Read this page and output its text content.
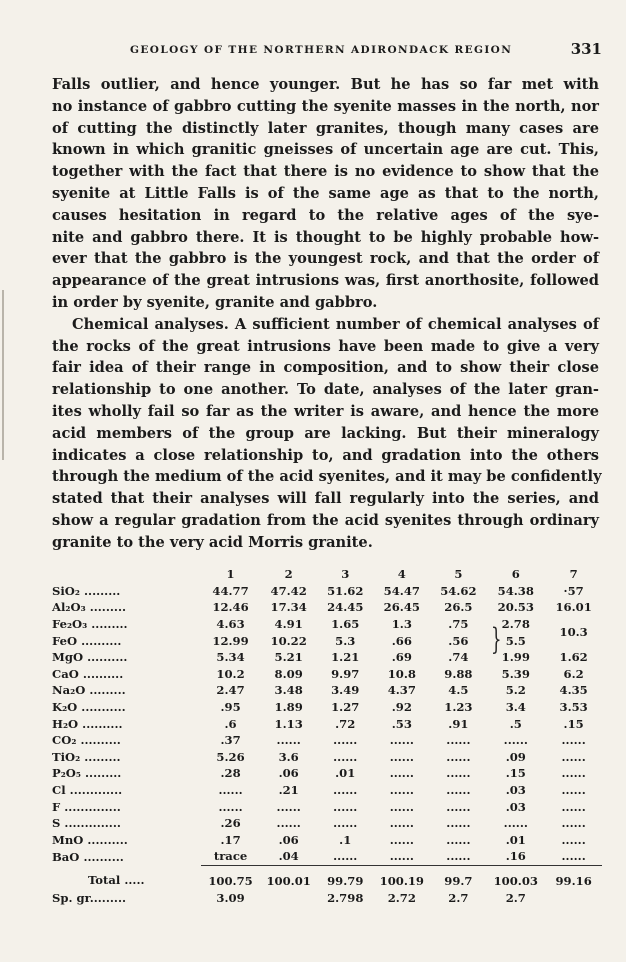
GEOLOGY OF THE NORTHERN ADIRONDACK REGION	331
Falls outlier, and hence younger. But he has so far met with
no instance of gabbro cutting the syenite masses in the north, nor
of cutting the distinctly later granites, though many cases are
known in which granitic gneisses of uncertain age are cut. This,
together with the fact that there is no evidence to show that the
syenite at Little Falls is of the same age as that to the north,
causes hesitation in regard to the relative ages of the sye-
nite and gabbro there. It is thought to be highly probable how-
ever that the gabbro is the youngest rock, and that the order of
appearance of the great intrusions was, first anorthosite, followed
in order by syenite, granite and gabbro.
Chemical analyses. A sufficient number of chemical analyses of
the rocks of the great intrusions have been made to give a very
fair idea of their range in composition, and to show their close
relationship to one another. To date, analyses of the later gran-
ites wholly fail so far as the writer is aware, and hence the more
acid members of the group are lacking. But their mineralogy
indicates a close relationship to, and gradation into the others
through the medium of the acid syenites, and it may be confidently
stated that their analyses will fall regularly into the series, and
show a regular gradation from the acid syenites through ordinary
granite to the very acid Morris granite.
	1	2	3	4	5	6	7
SiO₂ .........	44.77	47.42	51.62	54.47	54.62	54.38	·57
Al₂O₃ .........	12.46	17.34	24.45	26.45	26.5	20.53	16.01
Fe₂O₃ .........	4.63	4.91	1.65	1.3	.75	2.78	10.3
FeO ..........	12.99	10.22	5.3	.66	.56	5.5	
MgO ..........	5.34	5.21	1.21	.69	.74	1.99	1.62
CaO ..........	10.2	8.09	9.97	10.8	9.88	5.39	6.2
Na₂O .........	2.47	3.48	3.49	4.37	4.5	5.2	4.35
K₂O ...........	.95	1.89	1.27	.92	1.23	3.4	3.53
H₂O ..........	.6	1.13	.72	.53	.91	.5	.15
CO₂ ..........	.37	......	......	......	......	......	......
TiO₂ .........	5.26	3.6	......	......	......	.09	......
P₂O₅ .........	.28	.06	.01	......	......	.15	......
Cl .............	......	.21	......	......	......	.03	......
F ..............	......	......	......	......	......	.03	......
S ..............	.26	......	......	......	......	......	......
MnO ..........	.17	.06	.1	......	......	.01	......
BaO ..........	trace	.04	......	......	......	.16	......
Total .....	100.75	100.01	99.79	100.19	99.7	100.03	99.16
Sp. gr.........	3.09		2.798	2.72	2.7	2.7	
}
